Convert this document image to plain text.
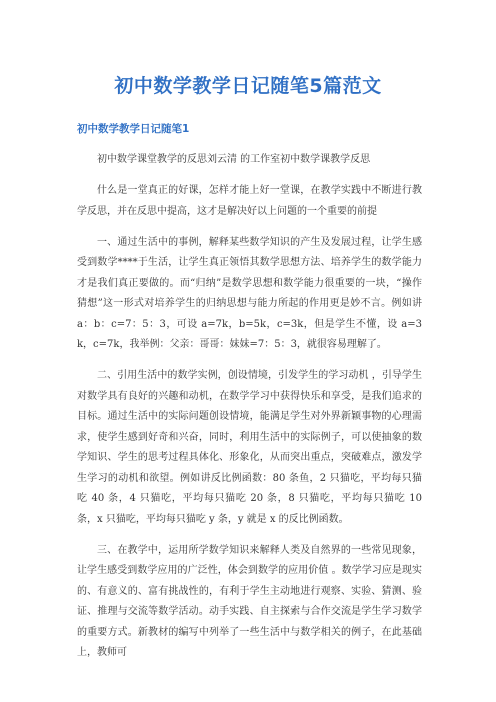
初中数学教学日记随笔5篇范文
初中数学教学日记随笔1

初中数学课堂教学的反思刘云清 的工作室初中数学课教学反思

什么是一堂真正的好课，怎样才能上好一堂课，在教学实践中不断进行教学反思，并在反思中提高，这才是解决好以上问题的一个重要的前提

一、通过生活中的事例，解释某些数学知识的产生及发展过程，让学生感受到数学****于生活，让学生真正领悟其数学思想方法、培养学生的数学能力才是我们真正要做的。而“归纳”是数学思想和数学能力很重要的一块，“操作猜想”这一形式对培养学生的归纳思想与能力所起的作用更是妙不言。例如讲 a：b：c=7：5：3，可设 a=7k，b=5k，c=3k，但是学生不懂，设 a=3k，c=7k，我举例：父亲：哥哥：妹妹=7：5：3，就很容易理解了。

二、引用生活中的数学实例，创设情境，引发学生的学习动机 ，引导学生对数学具有良好的兴趣和动机，在数学学习中获得快乐和享受，是我们追求的目标。通过生活中的实际问题创设情境，能满足学生对外界新颖事物的心理需求，使学生感到好奇和兴奋，同时，利用生活中的实际例子，可以使抽象的数学知识、学生的思考过程具体化、形象化，从而突出重点，突破难点，激发学生学习的动机和欲望。例如讲反比例函数：80 条鱼，2 只猫吃，平均每只猫吃 40 条，4 只猫吃，平均每只猫吃 20 条，8 只猫吃，平均每只猫吃 10 条，x 只猫吃，平均每只猫吃 y 条，y 就是 x 的反比例函数。

三、在教学中，运用所学数学知识来解释人类及自然界的一些常见现象，让学生感受到数学应用的广泛性，体会到数学的应用价值 。数学学习应是现实的、有意义的、富有挑战性的，有利于学生主动地进行观察、实验、猜测、验证、推理与交流等数学活动。动手实践、自主探索与合作交流是学生学习数学的重要方式。新教材的编写中列举了一些生活中与数学相关的例子，在此基础上，教师可
